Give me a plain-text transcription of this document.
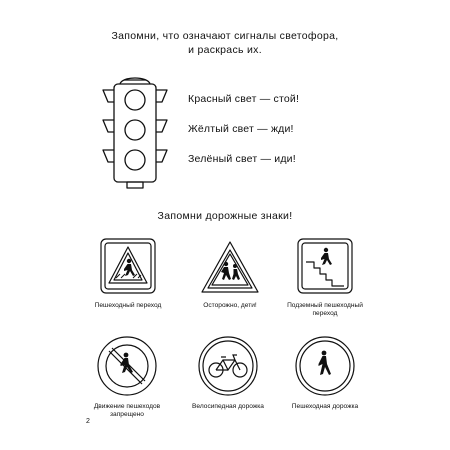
Запомни, что означают сигналы светофора,
и раскрась их.
Красный свет — стой!
Жёлтый свет — жди!
Зелёный свет — иди!
Запомни дорожные знаки!
Пешеходный переход	Осторожно, дети!	Подземный пешеходный переход
Движение пешеходов запрещено
Велосипедная дорожка	Пешеходная дорожка
2
